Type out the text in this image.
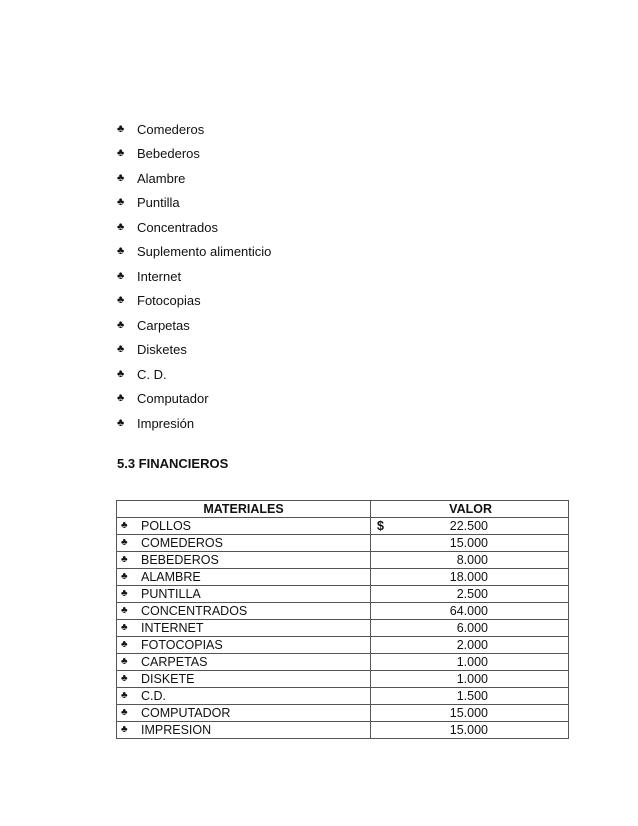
♣ Comederos
♣ Bebederos
♣ Alambre
♣ Puntilla
♣ Concentrados
♣ Suplemento alimenticio
♣ Internet
♣ Fotocopias
♣ Carpetas
♣ Disketes
♣ C. D.
♣ Computador
♣ Impresión
5.3 FINANCIEROS
MATERIALES	VALOR

♣ POLLOS	$ 22.500

♣ COMEDEROS	15.000

♣ BEBEDEROS	8.000

♣ ALAMBRE	18.000

♣ PUNTILLA	2.500

♣ CONCENTRADOS	64.000

♣ INTERNET	6.000

♣ FOTOCOPIAS	2.000

♣ CARPETAS	1.000

♣ DISKETE	1.000

♣ C.D.	1.500

♣ COMPUTADOR	15.000

♣ IMPRESION	15.000
